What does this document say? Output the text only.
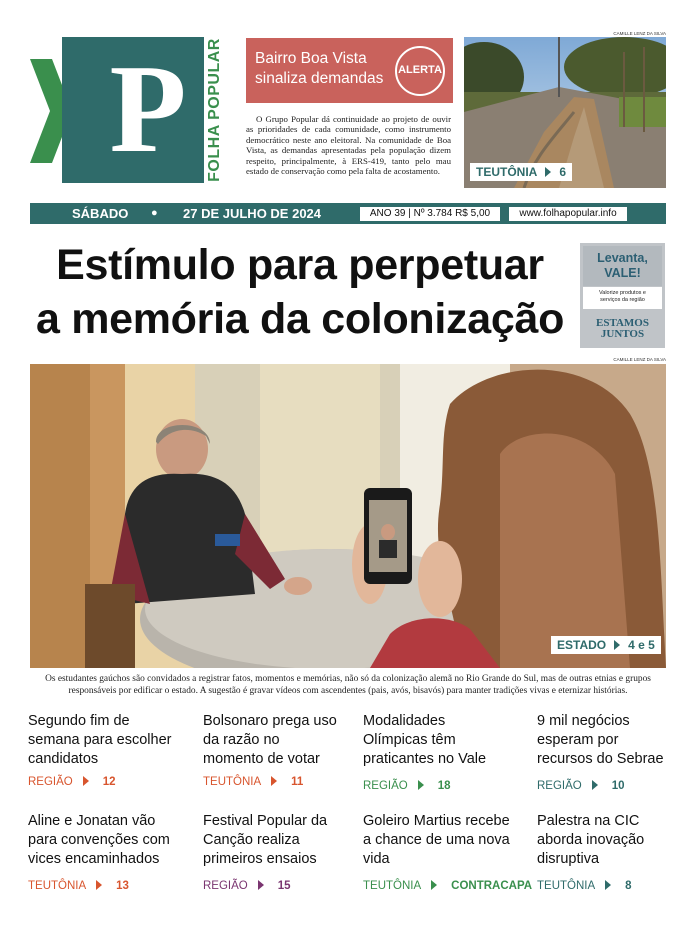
P	FOLHA POPULAR Bairro Boa Vista sinaliza demandas	ALERTA
O Grupo Popular dá continuidade ao projeto de ouvir as prioridades de cada comunidade, como instrumento democrático neste ano eleitoral. Na comunidade de Boa Vista, as demandas apresentadas pela população dizem respeito, principalmente, à ERS-419, tanto pelo mau estado de conservação como pela falta de acostamento.
CAMILLE LENZ DA SILVA
TEUTÔNIA 6
SÁBADO ● 27 DE JULHO DE 2024	ANO 39 | Nº 3.784 R$ 5,00	www.folhapopular.info
Estímulo para perpetuar
a memória da colonização
Levanta,
VALE!
Valorize produtos e
serviços da região
ESTAMOS
JUNTOS
CAMILLE LENZ DA SILVA
ESTADO 4 e 5
Os estudantes gaúchos são convidados a registrar fatos, momentos e memórias, não só da colonização alemã no Rio Grande do Sul, mas de outras etnias e grupos responsáveis por edificar o estado. A sugestão é gravar vídeos com ascendentes (pais, avós, bisavós) para manter tradições vivas e eternizar histórias.
Segundo fim de semana para escolher candidatos
REGIÃO	12
Bolsonaro prega uso da razão no momento de votar
TEUTÔNIA	11
Modalidades Olímpicas têm praticantes no Vale
REGIÃO	18
9 mil negócios esperam por recursos do Sebrae
REGIÃO	10
Aline e Jonatan vão para convenções com vices encaminhados
TEUTÔNIA	13
Festival Popular da Canção realiza primeiros ensaios
REGIÃO	15
Goleiro Martius recebe a chance de uma nova vida
TEUTÔNIA	CONTRACAPA
Palestra na CIC aborda inovação disruptiva
TEUTÔNIA	8
